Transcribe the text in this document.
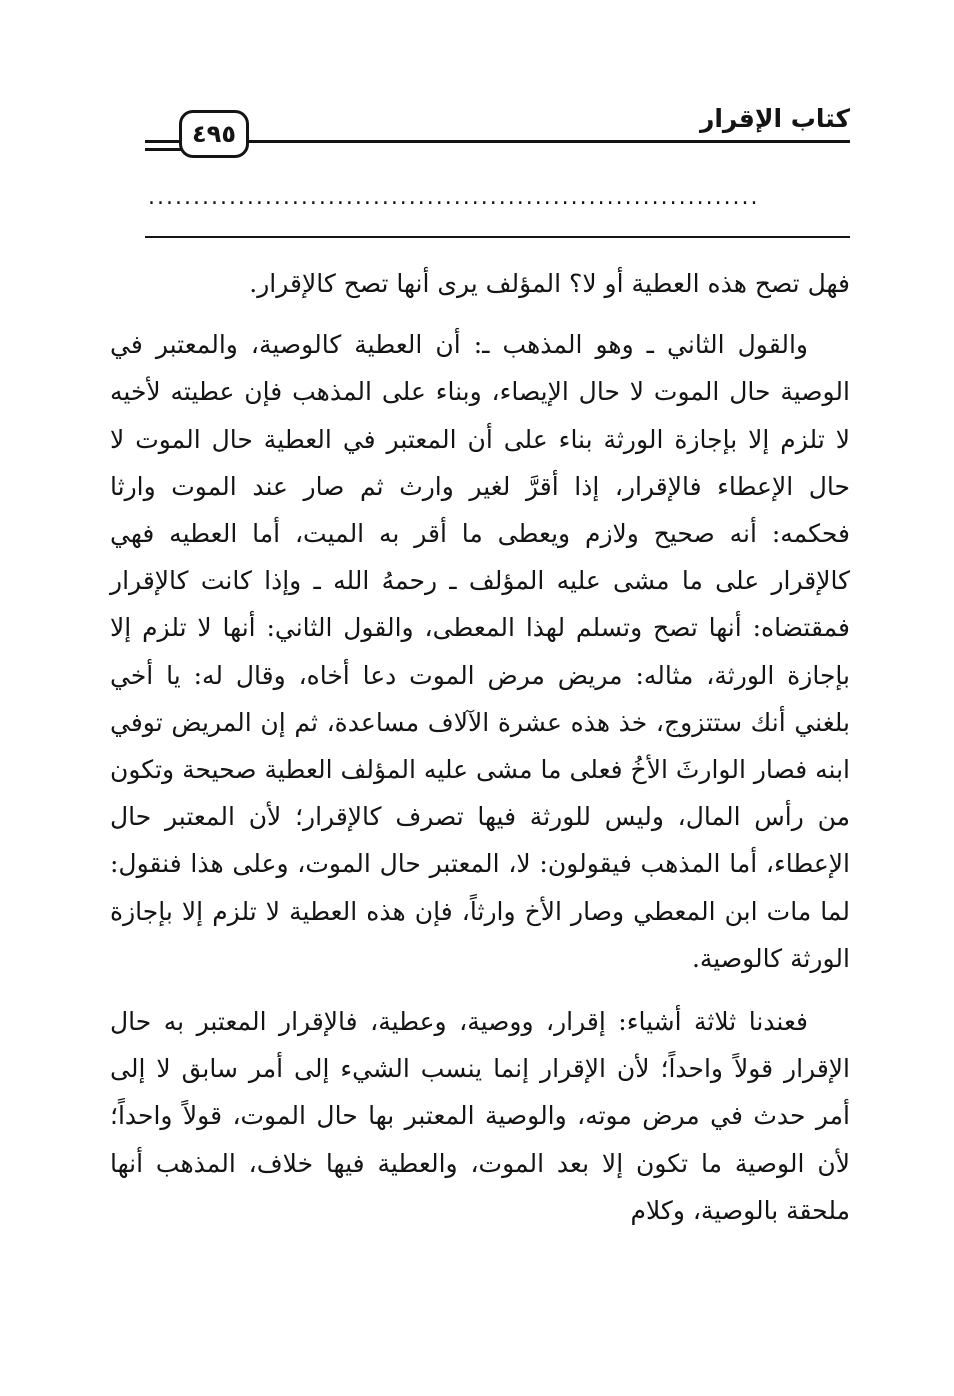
٤٩٥
كتاب الإقرار
....................................................................

فهل تصح هذه العطية أو لا؟ المؤلف يرى أنها تصح كالإقرار.

والقول الثاني ـ وهو المذهب ـ: أن العطية كالوصية، والمعتبر في الوصية حال الموت لا حال الإيصاء، وبناء على المذهب فإن عطيته لأخيه لا تلزم إلا بإجازة الورثة بناء على أن المعتبر في العطية حال الموت لا حال الإعطاء فالإقرار، إذا أقرَّ لغير وارث ثم صار عند الموت وارثا فحكمه: أنه صحيح ولازم ويعطى ما أقر به الميت، أما العطيه فهي كالإقرار على ما مشى عليه المؤلف ـ رحمهُ الله ـ وإذا كانت كالإقرار فمقتضاه: أنها تصح وتسلم لهذا المعطى، والقول الثاني: أنها لا تلزم إلا بإجازة الورثة، مثاله: مريض مرض الموت دعا أخاه، وقال له: يا أخي بلغني أنك ستتزوج، خذ هذه عشرة الآلاف مساعدة، ثم إن المريض توفي ابنه فصار الوارثَ الأخُ فعلى ما مشى عليه المؤلف العطية صحيحة وتكون من رأس المال، وليس للورثة فيها تصرف كالإقرار؛ لأن المعتبر حال الإعطاء، أما المذهب فيقولون: لا، المعتبر حال الموت، وعلى هذا فنقول: لما مات ابن المعطي وصار الأخ وارثاً، فإن هذه العطية لا تلزم إلا بإجازة الورثة كالوصية.

فعندنا ثلاثة أشياء: إقرار، ووصية، وعطية، فالإقرار المعتبر به حال الإقرار قولاً واحداً؛ لأن الإقرار إنما ينسب الشيء إلى أمر سابق لا إلى أمر حدث في مرض موته، والوصية المعتبر بها حال الموت، قولاً واحداً؛ لأن الوصية ما تكون إلا بعد الموت، والعطية فيها خلاف، المذهب أنها ملحقة بالوصية، وكلام
